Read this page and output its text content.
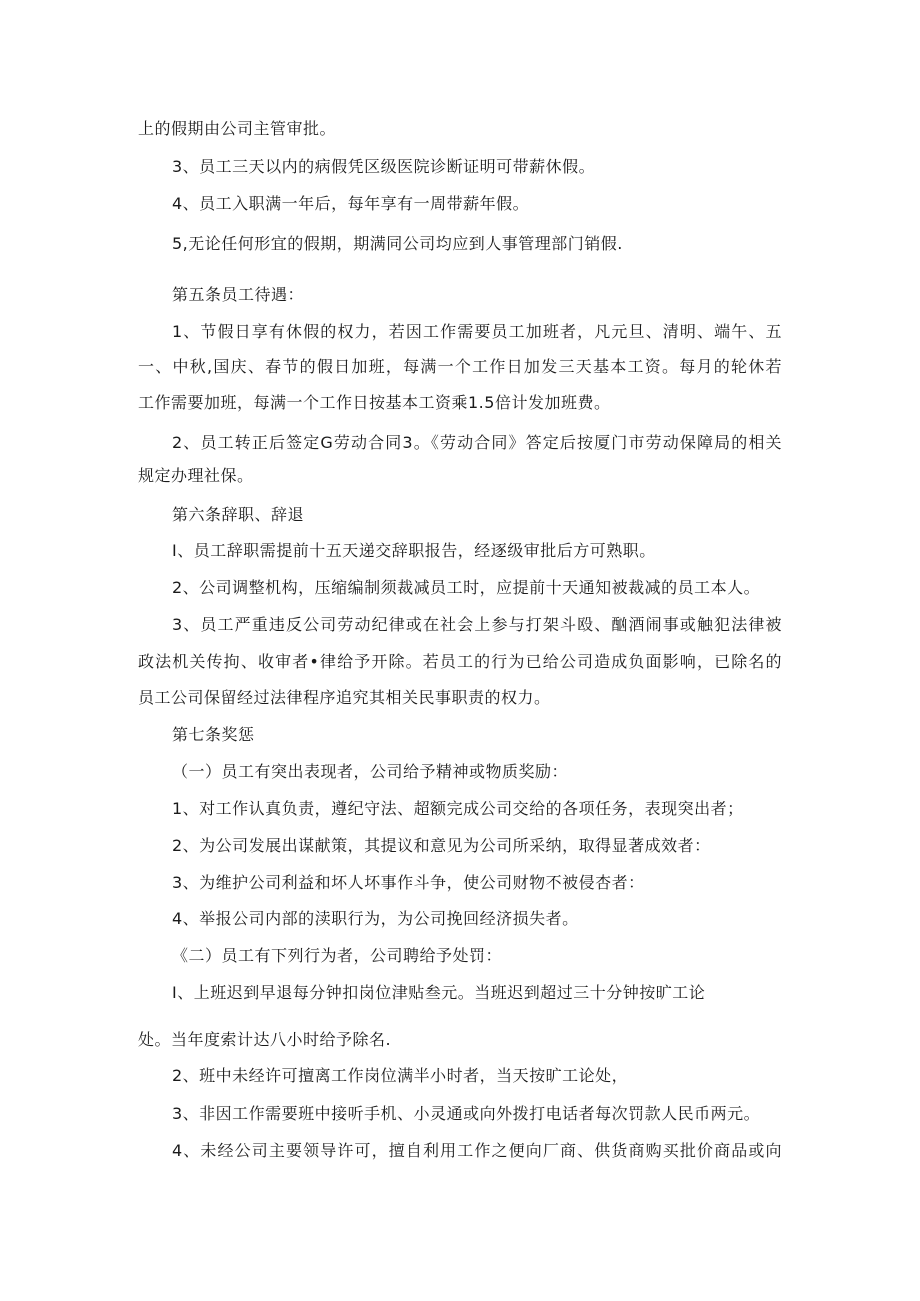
上的假期由公司主管审批。
3、员工三天以内的病假凭区级医院诊断证明可带薪休假。
4、员工入职满一年后，每年享有一周带薪年假。
5,无论任何形宜的假期，期满同公司均应到人事管理部门销假.
第五条员工待遇：
1、节假日享有休假的权力，若因工作需要员工加班者，凡元旦、清明、端午、五
一、中秋,国庆、春节的假日加班，每满一个工作日加发三天基本工资。每月的轮休若
工作需要加班，每满一个工作日按基本工资乘1.5倍计发加班费。
2、员工转正后签定G劳动合同3。《劳动合同》答定后按厦门市劳动保障局的相关
规定办理社保。
第六条辞职、辞退
I、员工辞职需提前十五天递交辞职报告，经逐级审批后方可熟职。
2、公司调整机构，压缩编制须裁减员工时，应提前十天通知被裁减的员工本人。
3、员工严重违反公司劳动纪律或在社会上参与打架斗殴、酗酒闹事或触犯法律被
政法机关传拘、收审者•律给予开除。若员工的行为已给公司造成负面影响，已除名的
员工公司保留经过法律程序追究其相关民事职责的权力。
第七条奖惩
（一）员工有突出表现者，公司给予精神或物质奖励：
1、对工作认真负责，遵纪守法、超额完成公司交给的各项任务，表现突出者；
2、为公司发展出谋献策，其提议和意见为公司所采纳，取得显著成效者：
3、为维护公司利益和坏人坏事作斗争，使公司财物不被侵杏者：
4、举报公司内部的渎职行为，为公司挽回经济损失者。
《二）员工有下列行为者，公司聘给予处罚：
I、上班迟到早退每分钟扣岗位津贴叁元。当班迟到超过三十分钟按旷工论
处。当年度索计达八小时给予除名.
2、班中未经许可擅离工作岗位满半小时者，当天按旷工论处，
3、非因工作需要班中接听手机、小灵通或向外拨打电话者每次罚款人民币两元。
4、未经公司主要领导许可，擅自利用工作之便向厂商、供货商购买批价商品或向
